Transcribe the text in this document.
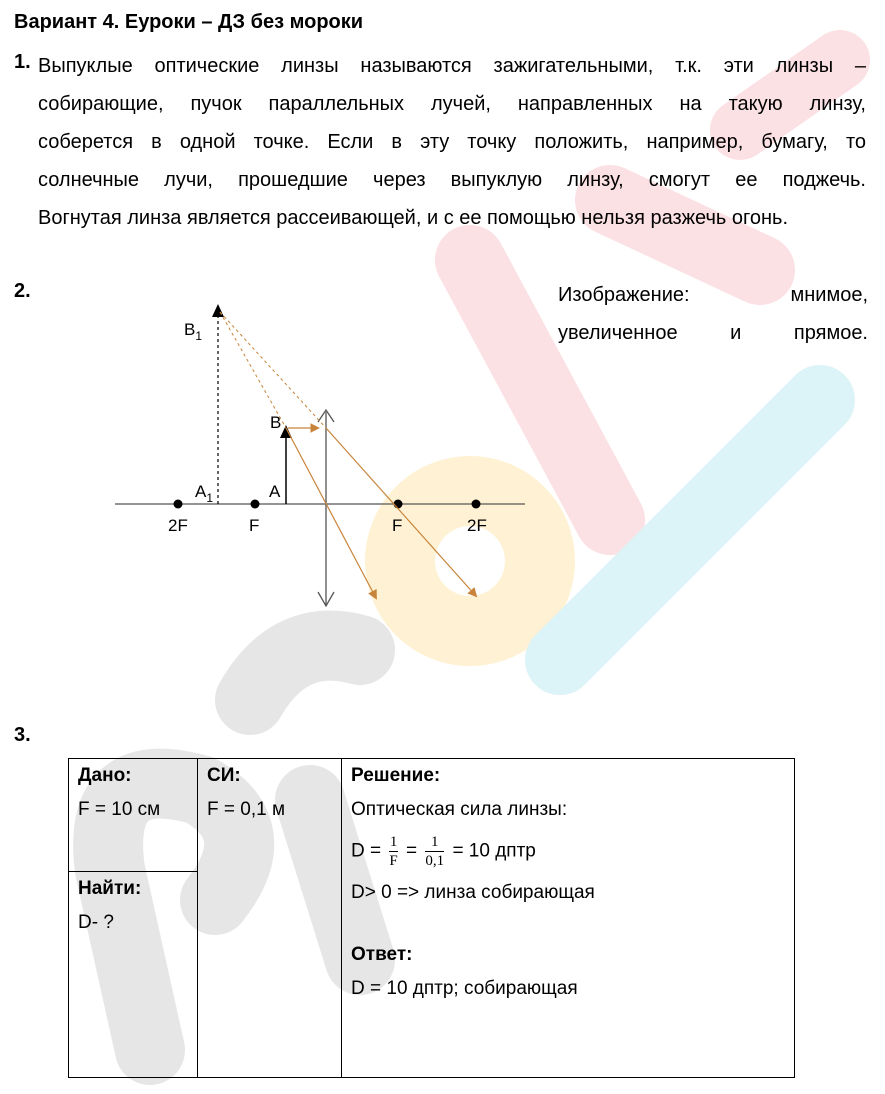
Вариант 4. Еуроки – ДЗ без мороки
1. Выпуклые оптические линзы называются зажигательными, т.к. эти линзы –
собирающие, пучок параллельных лучей, направленных на такую линзу,
соберется в одной точке. Если в эту точку положить, например, бумагу, то
солнечные лучи, прошедшие через выпуклую линзу, смогут ее поджечь.
Вогнутая линза является рассеивающей, и с ее помощью нельзя разжечь огонь.
2.	Изображение: мнимое, увеличенное и прямое.
$B_1$
B
$A_1$	A
2F	F	F	2F
3.
Дано:
F = 10 см

СИ:
F = 0,1 м

Решение:
Оптическая сила линзы:
$D = \frac{1}{F} = \frac{1}{0,1} = 10$ дптр
D> 0 => линза собирающая
Ответ:
D = 10 дптр; собирающая

Найти:
D- ?
